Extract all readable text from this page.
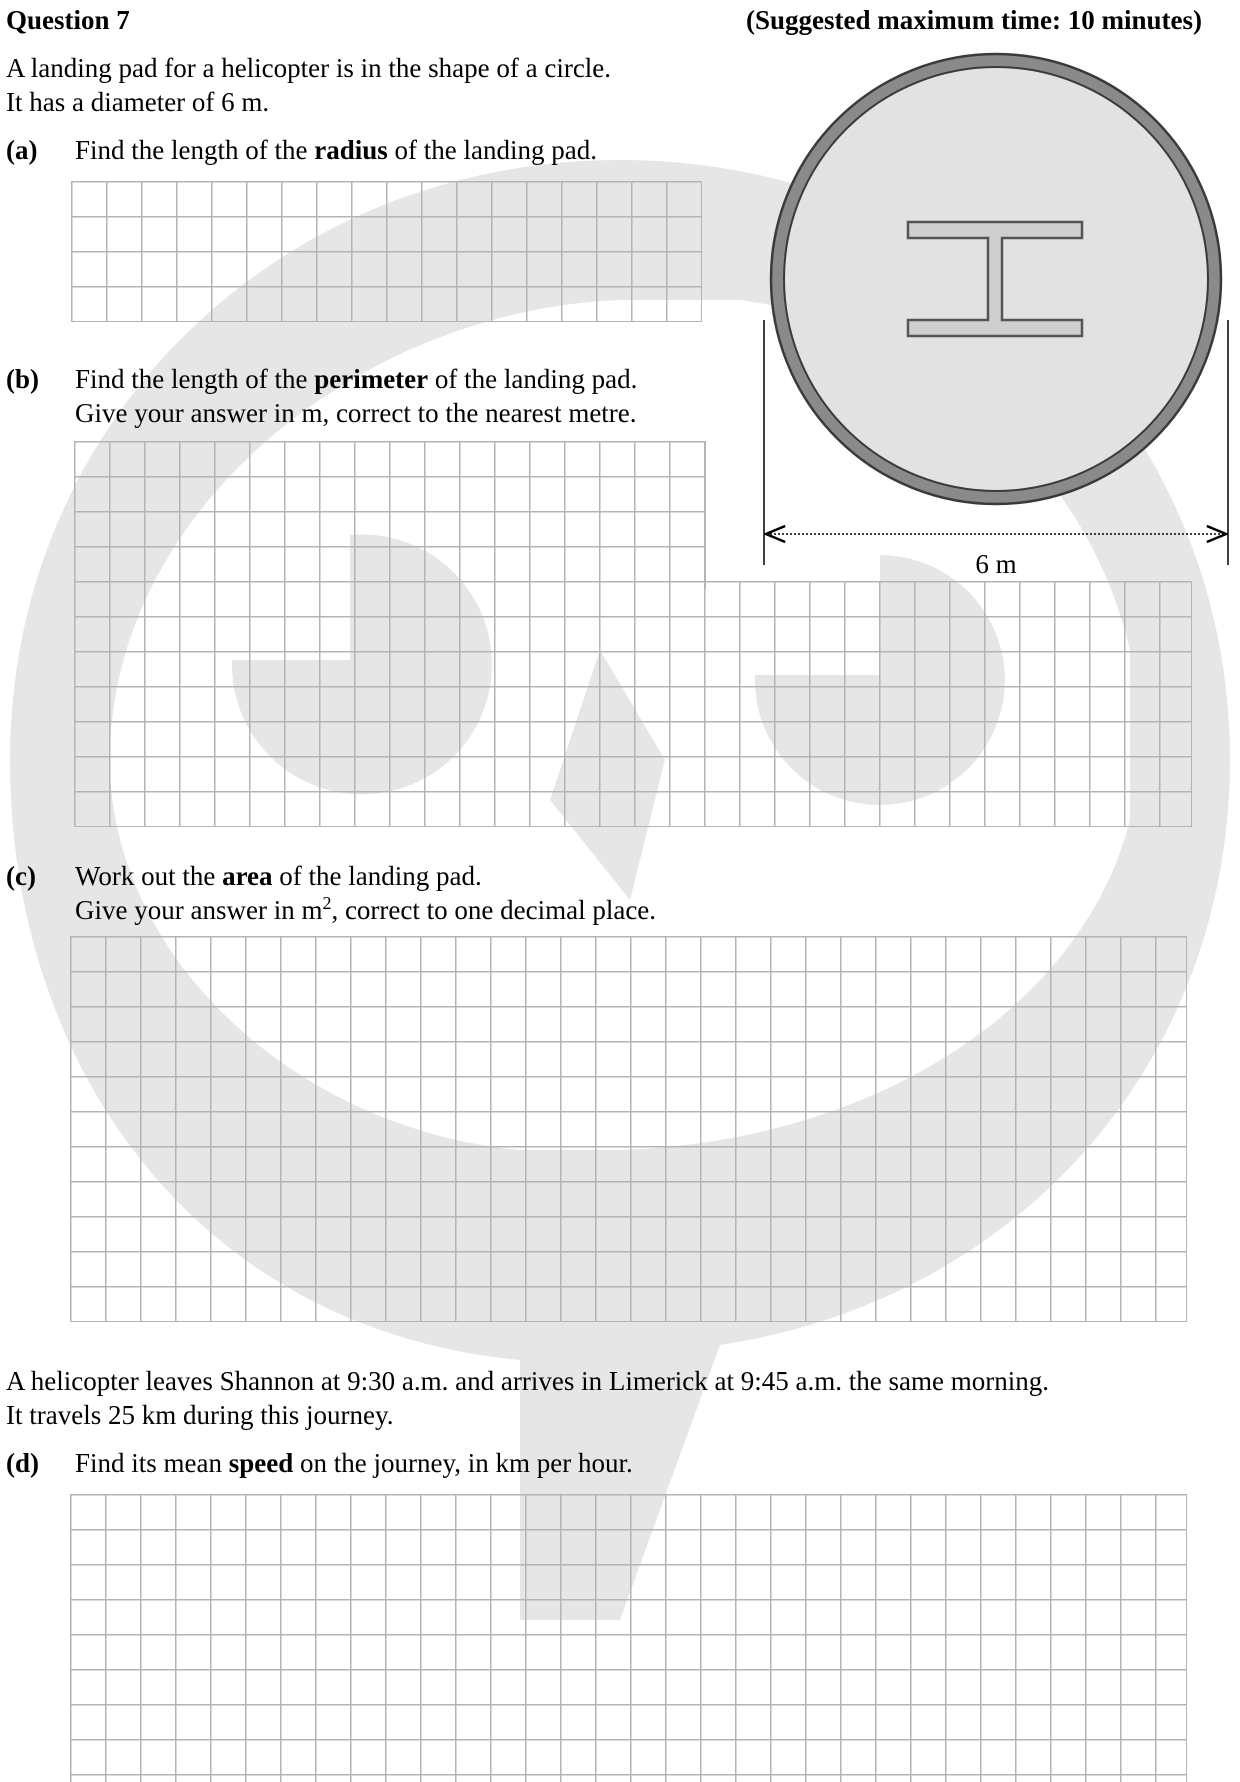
Question 7	(Suggested maximum time: 10 minutes)
A landing pad for a helicopter is in the shape of a circle.
It has a diameter of 6 m.
(a) Find the length of the radius of the landing pad.
(b) Find the length of the perimeter of the landing pad.
Give your answer in m, correct to the nearest metre.
(c) Work out the area of the landing pad.
Give your answer in $m^2$, correct to one decimal place.
A helicopter leaves Shannon at 9:30 a.m. and arrives in Limerick at 9:45 a.m. the same morning.
It travels 25 km during this journey.
(d) Find its mean speed on the journey, in km per hour.
6 m
